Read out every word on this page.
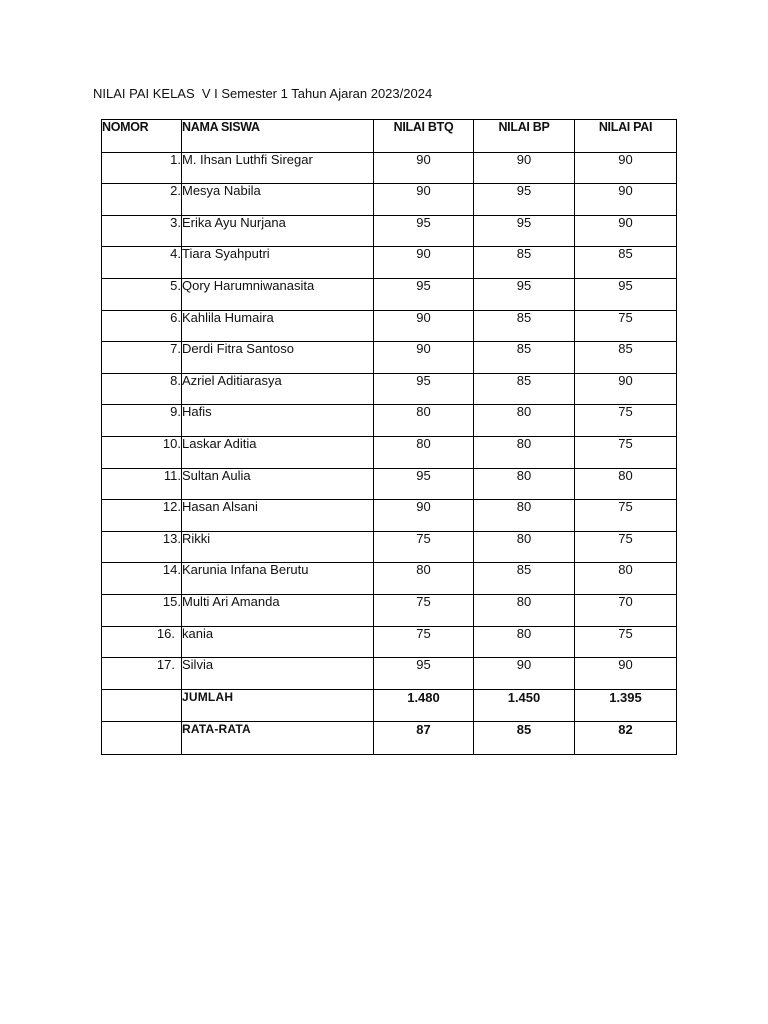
NILAI PAI KELAS  V I Semester 1 Tahun Ajaran 2023/2024
NOMOR	NAMA SISWA	NILAI BTQ	NILAI BP	NILAI PAI
1.	M. Ihsan Luthfi Siregar	90	90	90
2.	Mesya Nabila	90	95	90
3.	Erika Ayu Nurjana	95	95	90
4.	Tiara Syahputri	90	85	85
5.	Qory Harumniwanasita	95	95	95
6.	Kahlila Humaira	90	85	75
7.	Derdi Fitra Santoso	90	85	85
8.	Azriel Aditiarasya	95	85	90
9.	Hafis	80	80	75
10.	Laskar Aditia	80	80	75
11.	Sultan Aulia	95	80	80
12.	Hasan Alsani	90	80	75
13.	Rikki	75	80	75
14.	Karunia Infana Berutu	80	85	80
15.	Multi Ari Amanda	75	80	70
16.	kania	75	80	75
17.	Silvia	95	90	90
	JUMLAH	1.480	1.450	1.395
	RATA-RATA	87	85	82
